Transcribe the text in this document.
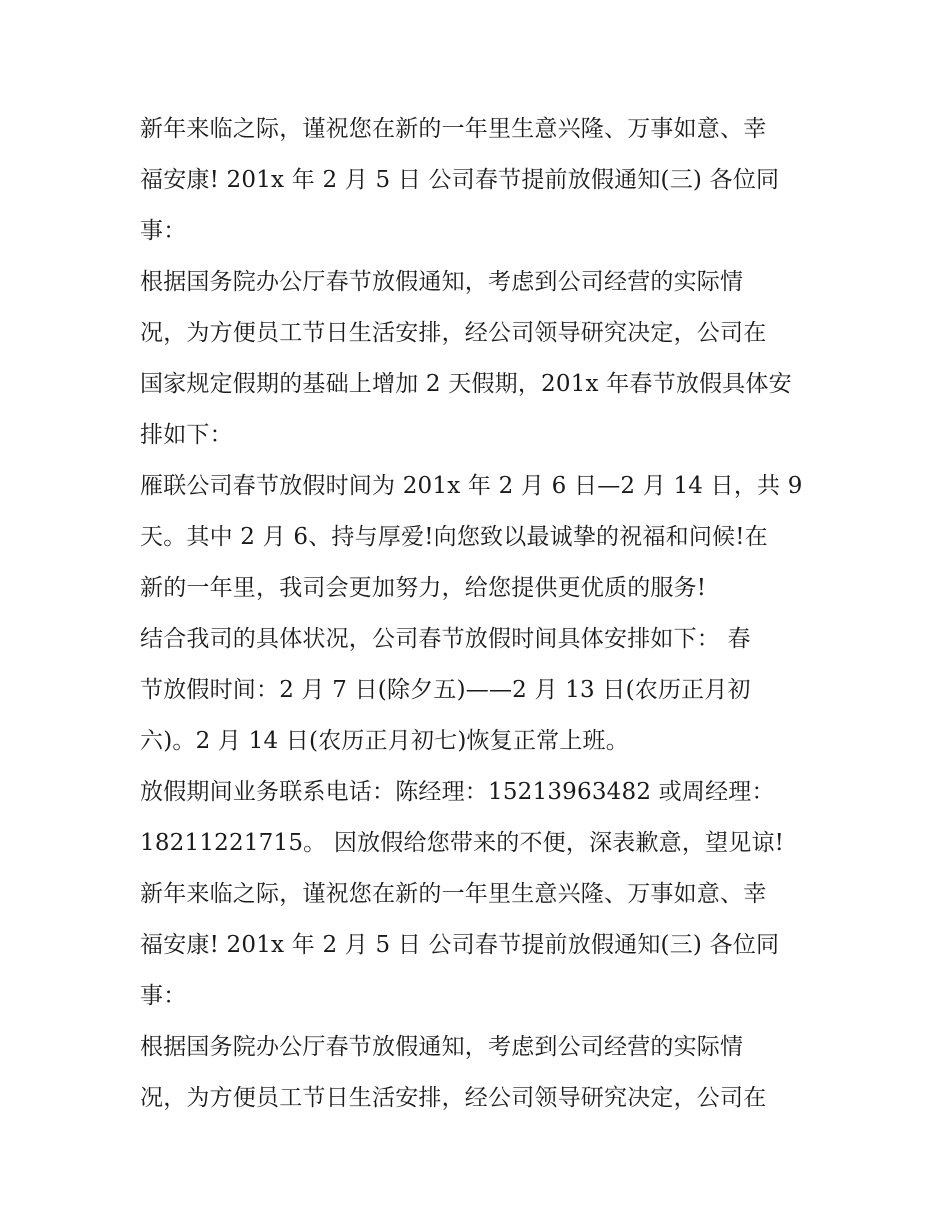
新年来临之际，谨祝您在新的一年里生意兴隆、万事如意、幸
福安康! 201x 年 2 月 5 日 公司春节提前放假通知(三) 各位同
事：
根据国务院办公厅春节放假通知，考虑到公司经营的实际情
况，为方便员工节日生活安排，经公司领导研究决定，公司在
国家规定假期的基础上增加 2 天假期，201x 年春节放假具体安
排如下：
雁联公司春节放假时间为 201x 年 2 月 6 日—2 月 14 日，共 9
天。其中 2 月 6、持与厚爱!向您致以最诚挚的祝福和问候!在
新的一年里，我司会更加努力，给您提供更优质的服务!
结合我司的具体状况，公司春节放假时间具体安排如下： 春
节放假时间：2 月 7 日(除夕五)——2 月 13 日(农历正月初
六)。2 月 14 日(农历正月初七)恢复正常上班。
放假期间业务联系电话：陈经理：15213963482 或周经理：
18211221715。 因放假给您带来的不便，深表歉意，望见谅!
新年来临之际，谨祝您在新的一年里生意兴隆、万事如意、幸
福安康! 201x 年 2 月 5 日 公司春节提前放假通知(三) 各位同
事：
根据国务院办公厅春节放假通知，考虑到公司经营的实际情
况，为方便员工节日生活安排，经公司领导研究决定，公司在
